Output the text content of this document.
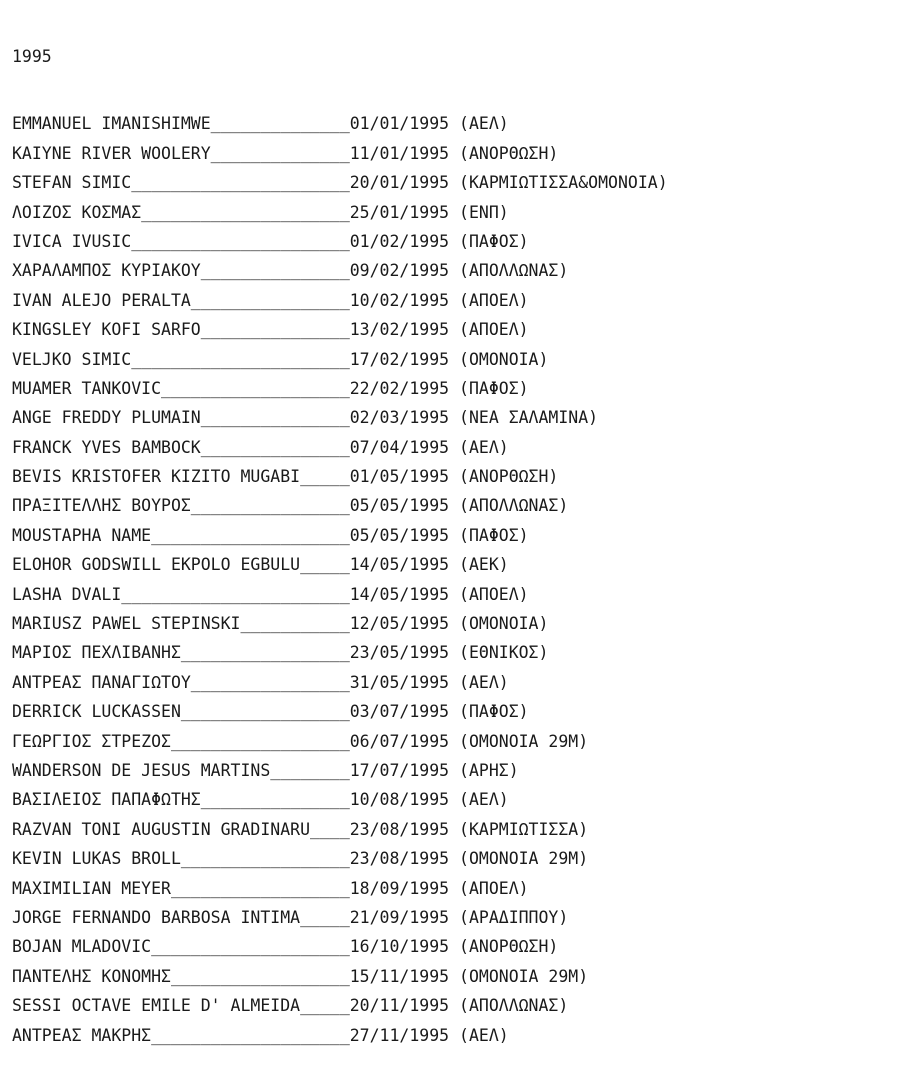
1995

EMMANUEL IMANISHIMWE______________01/01/1995 (ΑΕΛ)
KAIYNE RIVER WOOLERY______________11/01/1995 (ΑΝΟΡΘΩΣΗ)
STEFAN SIMIC______________________20/01/1995 (ΚΑΡΜΙΩΤΙΣΣΑ&ΟΜΟΝΟΙΑ)
ΛΟΙΖΟΣ ΚΟΣΜΑΣ_____________________25/01/1995 (ΕΝΠ)
IVICA IVUSIC______________________01/02/1995 (ΠΑΦΟΣ)
ΧΑΡΑΛΑΜΠΟΣ ΚΥΡΙΑΚΟΥ_______________09/02/1995 (ΑΠΟΛΛΩΝΑΣ)
IVAN ALEJO PERALTA________________10/02/1995 (ΑΠΟΕΛ)
KINGSLEY KOFI SARFO_______________13/02/1995 (ΑΠΟΕΛ)
VELJKO SIMIC______________________17/02/1995 (ΟΜΟΝΟΙΑ)
MUAMER TANKOVIC___________________22/02/1995 (ΠΑΦΟΣ)
ANGE FREDDY PLUMAIN_______________02/03/1995 (ΝΕΑ ΣΑΛΑΜΙΝΑ)
FRANCK YVES BAMBOCK_______________07/04/1995 (ΑΕΛ)
BEVIS KRISTOFER KIZITO MUGABI_____01/05/1995 (ΑΝΟΡΘΩΣΗ)
ΠΡΑΞΙΤΕΛΛΗΣ ΒΟΥΡΟΣ________________05/05/1995 (ΑΠΟΛΛΩΝΑΣ)
MOUSTAPHA NAME____________________05/05/1995 (ΠΑΦΟΣ)
ELOHOR GODSWILL EKPOLO EGBULU_____14/05/1995 (ΑΕΚ)
LASHA DVALI_______________________14/05/1995 (ΑΠΟΕΛ)
MARIUSZ PAWEL STEPINSKI___________12/05/1995 (ΟΜΟΝΟΙΑ)
ΜΑΡΙΟΣ ΠΕΧΛΙΒΑΝΗΣ_________________23/05/1995 (ΕΘΝΙΚΟΣ)
ΑΝΤΡΕΑΣ ΠΑΝΑΓΙΩΤΟΥ________________31/05/1995 (ΑΕΛ)
DERRICK LUCKASSEN_________________03/07/1995 (ΠΑΦΟΣ)
ΓΕΩΡΓΙΟΣ ΣΤΡΕΖΟΣ__________________06/07/1995 (ΟΜΟΝΟΙΑ 29Μ)
WANDERSON DE JESUS MARTINS________17/07/1995 (ΑΡΗΣ)
ΒΑΣΙΛΕΙΟΣ ΠΑΠΑΦΩΤΗΣ_______________10/08/1995 (ΑΕΛ)
RAZVAN TONI AUGUSTIN GRADINARU____23/08/1995 (ΚΑΡΜΙΩΤΙΣΣΑ)
KEVIN LUKAS BROLL_________________23/08/1995 (ΟΜΟΝΟΙΑ 29Μ)
MAXIMILIAN MEYER__________________18/09/1995 (ΑΠΟΕΛ)
JORGE FERNANDO BARBOSA INTIMA_____21/09/1995 (ΑΡΑΔΙΠΠΟΥ)
BOJAN MLADOVIC____________________16/10/1995 (ΑΝΟΡΘΩΣΗ)
ΠΑΝΤΕΛΗΣ ΚΟΝΟΜΗΣ__________________15/11/1995 (ΟΜΟΝΟΙΑ 29Μ)
SESSI OCTAVE EMILE D' ALMEIDA_____20/11/1995 (ΑΠΟΛΛΩΝΑΣ)
ΑΝΤΡΕΑΣ ΜΑΚΡΗΣ____________________27/11/1995 (ΑΕΛ)
